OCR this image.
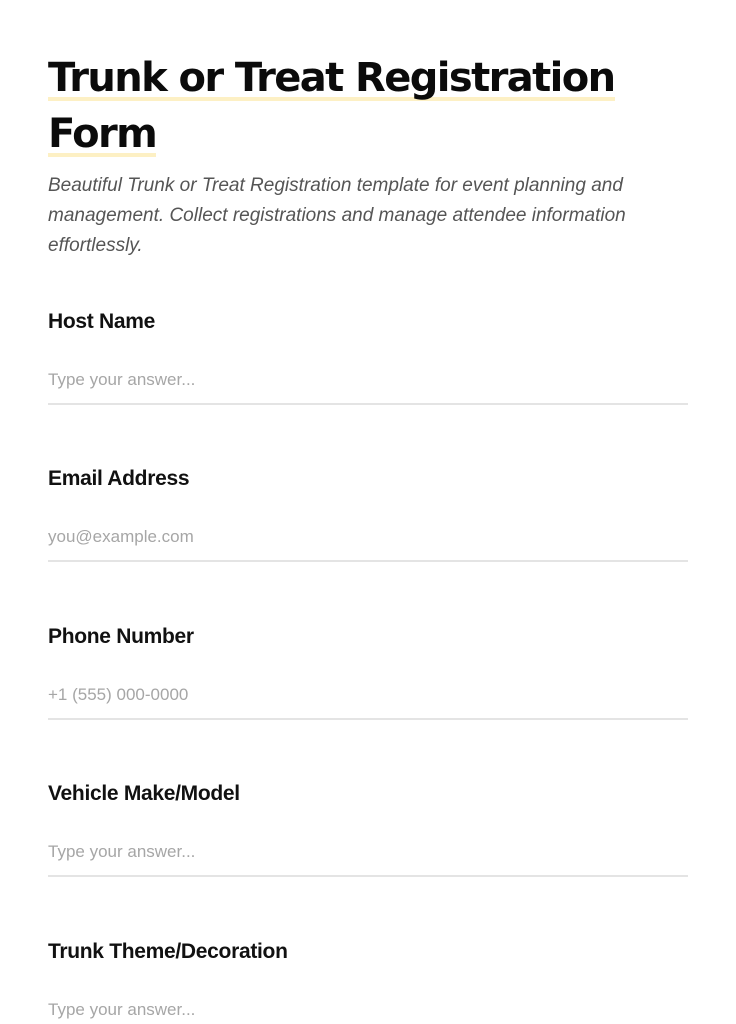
Trunk or Treat Registration Form

Beautiful Trunk or Treat Registration template for event planning and management. Collect registrations and manage attendee information effortlessly.

Host Name
Type your answer...
Email Address
you@example.com
Phone Number
+1 (555) 000-0000
Vehicle Make/Model
Type your answer...
Trunk Theme/Decoration
Type your answer...
